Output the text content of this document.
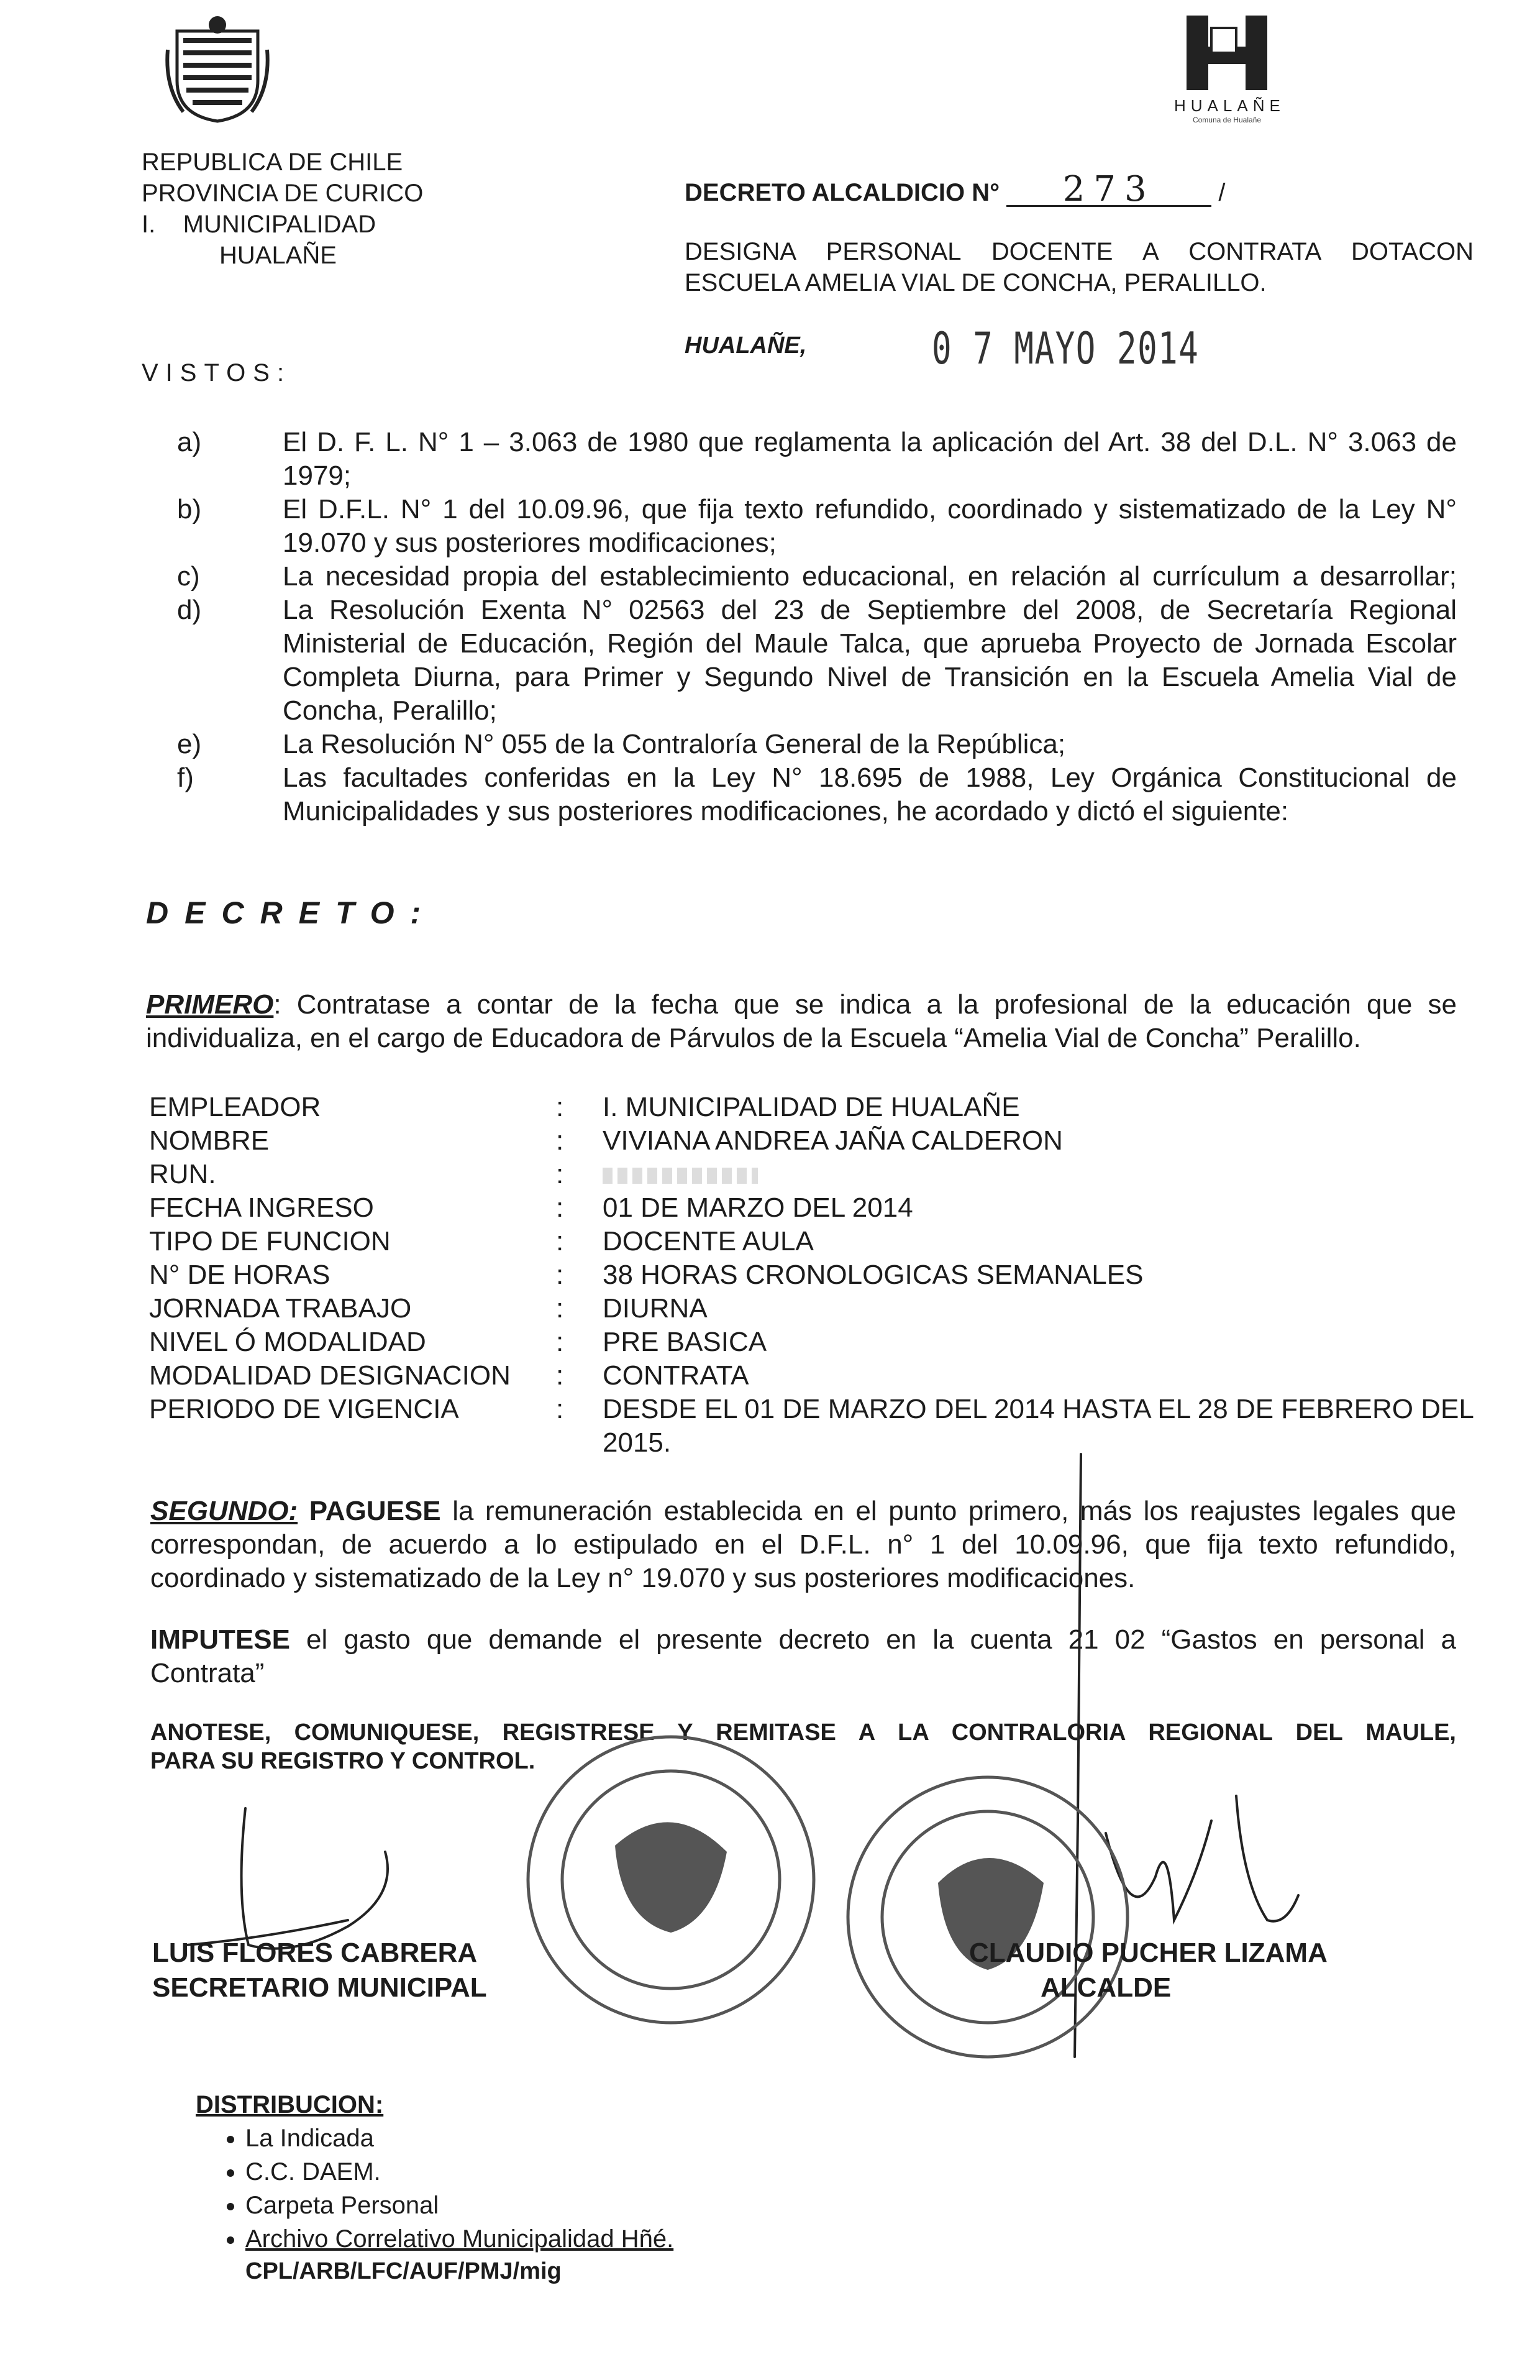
REPUBLICA DE CHILE
PROVINCIA DE CURICO
I.    MUNICIPALIDAD
HUALAÑE
HUALAÑE
Comuna de Hualañe
DECRETO ALCALDICIO N° 273	/
DESIGNA PERSONAL DOCENTE A CONTRATA DOTACON
ESCUELA AMELIA VIAL DE CONCHA, PERALILLO.
HUALAÑE,	0 7 MAYO 2014
VISTOS:
a)	El D. F. L. N° 1 – 3.063 de 1980 que reglamenta la aplicación del Art. 38 del D.L. N° 3.063 de
1979;
b)	El D.F.L. N° 1 del 10.09.96, que fija texto refundido, coordinado y sistematizado de la Ley N°
19.070 y sus posteriores modificaciones;
c)	La necesidad propia del establecimiento educacional, en relación al currículum a desarrollar;
d)	La Resolución Exenta N° 02563 del 23 de Septiembre del 2008, de Secretaría Regional
Ministerial de Educación, Región del Maule Talca, que aprueba Proyecto de Jornada Escolar
Completa Diurna, para Primer y Segundo Nivel de Transición en la Escuela Amelia Vial de
Concha, Peralillo;
e)	La Resolución N° 055 de la Contraloría General de la República;
f)	Las facultades conferidas en la Ley N° 18.695 de 1988, Ley Orgánica Constitucional de
Municipalidades y sus posteriores modificaciones, he acordado y dictó el siguiente:
DECRETO:
PRIMERO: Contratase a contar de la fecha que se indica a la profesional de la educación que se
individualiza, en el cargo de Educadora de Párvulos de la Escuela “Amelia Vial de Concha” Peralillo.
EMPLEADOR	:	I. MUNICIPALIDAD DE HUALAÑE
NOMBRE	:	VIVIANA ANDREA JAÑA CALDERON
RUN.	:
FECHA INGRESO	:	01 DE MARZO DEL 2014
TIPO DE FUNCION	:	DOCENTE AULA
N° DE HORAS	:	38 HORAS CRONOLOGICAS SEMANALES
JORNADA TRABAJO	:	DIURNA
NIVEL Ó MODALIDAD	:	PRE BASICA
MODALIDAD DESIGNACION	:	CONTRATA
PERIODO DE VIGENCIA	:	DESDE EL 01 DE MARZO DEL 2014 HASTA EL 28 DE FEBRERO DEL
2015.
SEGUNDO: PAGUESE la remuneración establecida en el punto primero, más los reajustes legales que
correspondan, de acuerdo a lo estipulado en el D.F.L. n° 1 del 10.09.96, que fija texto refundido,
coordinado y sistematizado de la Ley n° 19.070 y sus posteriores modificaciones.
IMPUTESE el gasto que demande el presente decreto en la cuenta 21 02 “Gastos en personal a
Contrata”
ANOTESE, COMUNIQUESE, REGISTRESE Y REMITASE A LA CONTRALORIA REGIONAL DEL MAULE,
PARA SU REGISTRO Y CONTROL.
LUIS FLORES CABRERA
SECRETARIO MUNICIPAL
CLAUDIO PUCHER LIZAMA
ALCALDE
DISTRIBUCION:
• La Indicada
• C.C. DAEM.
• Carpeta Personal
• Archivo Correlativo Municipalidad Hñé.
CPL/ARB/LFC/AUF/PMJ/mig
